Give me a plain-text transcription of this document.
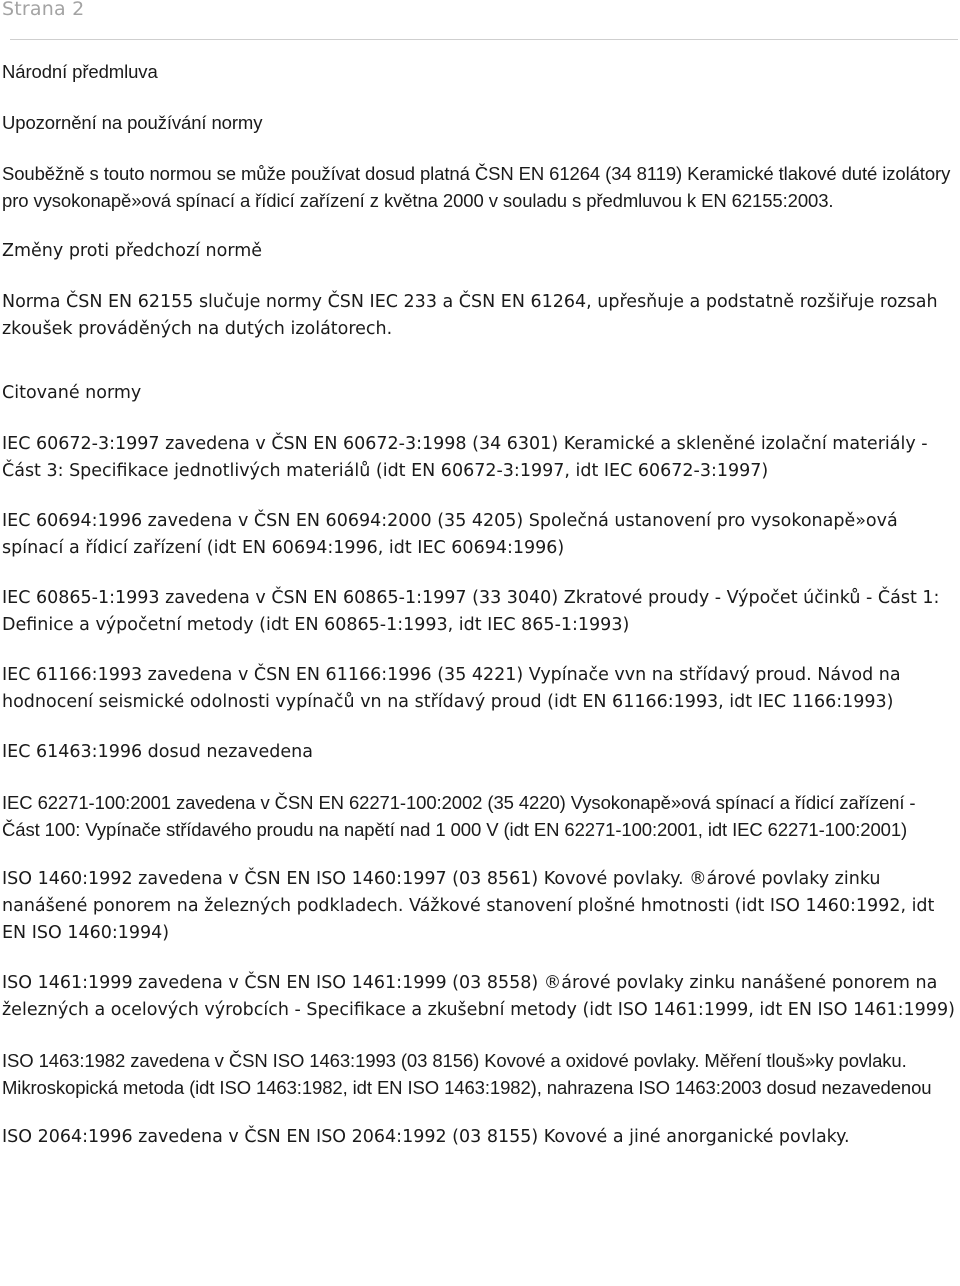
Strana 2

Národní předmluva

Upozornění na používání normy

Souběžně s touto normou se může používat dosud platná ČSN EN 61264 (34 8119) Keramické tlakové duté izolátory pro vysokonapě»ová spínací a řídicí zařízení z května 2000 v souladu s předmluvou k EN 62155:2003.

Změny proti předchozí normě

Norma ČSN EN 62155 slučuje normy ČSN IEC 233 a ČSN EN 61264, upřesňuje a podstatně rozšiřuje rozsah zkoušek prováděných na dutých izolátorech.

Citované normy

IEC 60672-3:1997 zavedena v ČSN EN 60672-3:1998 (34 6301) Keramické a skleněné izolační materiály - Část 3: Specifikace jednotlivých materiálů (idt EN 60672-3:1997, idt IEC 60672-3:1997)

IEC 60694:1996 zavedena v ČSN EN 60694:2000 (35 4205) Společná ustanovení pro vysokonapě»ová spínací a řídicí zařízení (idt EN 60694:1996, idt IEC 60694:1996)

IEC 60865-1:1993 zavedena v ČSN EN 60865-1:1997 (33 3040) Zkratové proudy - Výpočet účinků - Část 1: Definice a výpočetní metody (idt EN 60865-1:1993, idt IEC 865-1:1993)

IEC 61166:1993 zavedena v ČSN EN 61166:1996 (35 4221) Vypínače vvn na střídavý proud. Návod na hodnocení seismické odolnosti vypínačů vn na střídavý proud (idt EN 61166:1993, idt IEC 1166:1993)

IEC 61463:1996 dosud nezavedena

IEC 62271-100:2001 zavedena v ČSN EN 62271-100:2002 (35 4220) Vysokonapě»ová spínací a řídicí zařízení - Část 100: Vypínače střídavého proudu na napětí nad 1 000 V (idt EN 62271-100:2001, idt IEC 62271-100:2001)

ISO 1460:1992 zavedena v ČSN EN ISO 1460:1997 (03 8561) Kovové povlaky. ®árové povlaky zinku nanášené ponorem na železných podkladech. Vážkové stanovení plošné hmotnosti (idt ISO 1460:1992, idt EN ISO 1460:1994)

ISO 1461:1999 zavedena v ČSN EN ISO 1461:1999 (03 8558) ®árové povlaky zinku nanášené ponorem na železných a ocelových výrobcích - Specifikace a zkušební metody (idt ISO 1461:1999, idt EN ISO 1461:1999)

ISO 1463:1982 zavedena v ČSN ISO 1463:1993 (03 8156) Kovové a oxidové povlaky. Měření tlouš»ky povlaku. Mikroskopická metoda (idt ISO 1463:1982, idt EN ISO 1463:1982), nahrazena ISO 1463:2003 dosud nezavedenou

ISO 2064:1996 zavedena v ČSN EN ISO 2064:1992 (03 8155) Kovové a jiné anorganické povlaky.
